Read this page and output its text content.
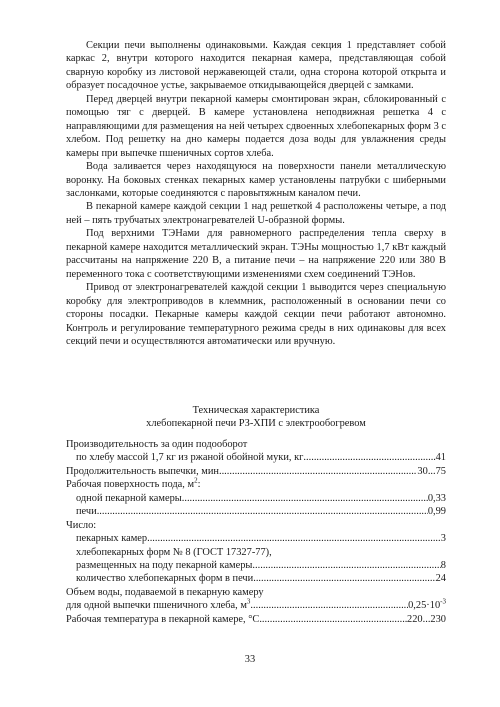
Секции печи выполнены одинаковыми. Каждая секция 1 представляет собой каркас 2, внутри которого находится пекарная камера, представляющая собой сварную коробку из листовой нержавеющей стали, одна сторона которой открыта и образует посадочное устье, закрываемое откидывающейся дверцей с замками.

Перед дверцей внутри пекарной камеры смонтирован экран, сблокированный с помощью тяг с дверцей. В камере установлена неподвижная решетка 4 с направляющими для размещения на ней четырех сдвоенных хлебопекарных форм 3 с хлебом. Под решетку на дно камеры подается доза воды для увлажнения среды камеры при выпечке пшеничных сортов хлеба.

Вода заливается через находящуюся на поверхности панели металлическую воронку. На боковых стенках пекарных камер установлены патрубки с шиберными заслонками, которые соединяются с паровытяжным каналом печи.

В пекарной камере каждой секции 1 над решеткой 4 расположены четыре, а под ней – пять трубчатых электронагревателей U-образной формы.

Под верхними ТЭНами для равномерного распределения тепла сверху в пекарной камере находится металлический экран. ТЭНы мощностью 1,7 кВт каждый рассчитаны на напряжение 220 В, а питание печи – на напряжение 220 или 380 В переменного тока с соответствующими изменениями схем соединений ТЭНов.

Привод от электронагревателей каждой секции 1 выводится через специальную коробку для электроприводов в клеммник, расположенный в основании печи со стороны посадки. Пекарные камеры каждой секции печи работают автономно. Контроль и регулирование температурного режима среды в них одинаковы для всех секций печи и осуществляются автоматически или вручную.

Техническая характеристика
хлебопекарной печи РЗ-ХПИ с электрообогревом
Производительность за один подооборот
по хлебу массой 1,7 кг из ржаной обойной муки, кг .....	41
Продолжительность выпечки, мин .....	30...75
Рабочая поверхность пода, $м^2$:
одной пекарной камеры .....	0,33
печи .....	0,99
Число:
пекарных камер .....	3
хлебопекарных форм № 8 (ГОСТ 17327-77),
размещенных на поду пекарной камеры .....	8
количество хлебопекарных форм в печи .....	24
Объем воды, подаваемой в пекарную камеру
для одной выпечки пшеничного хлеба, $м^3$ .....	$0,25\cdot 10^{-3}$
Рабочая температура в пекарной камере, °С .....	220...230
33
